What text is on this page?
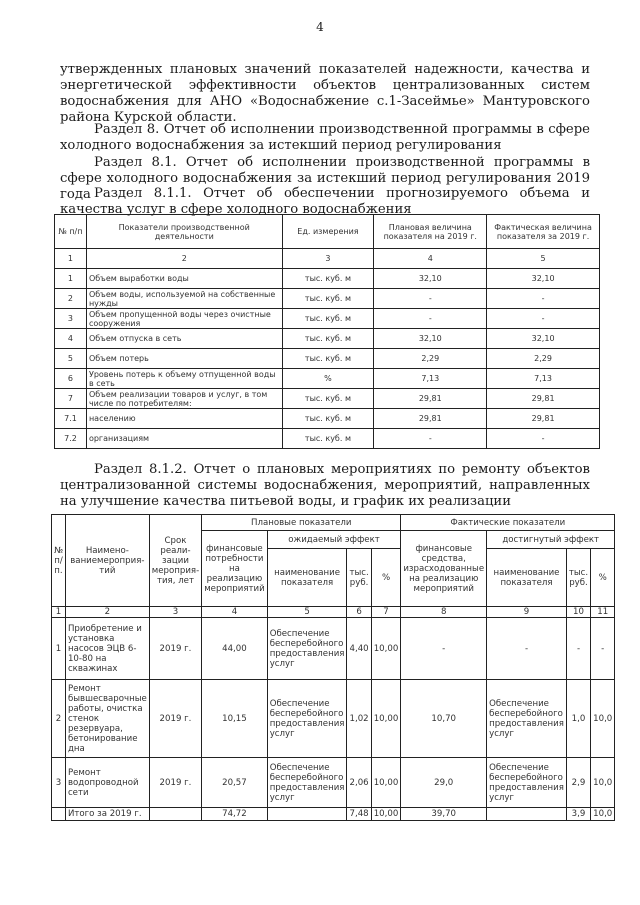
4
утвержденных плановых значений показателей надежности, качества и энергетической эффективности объектов централизованных систем водоснабжения для АНО «Водоснабжение с.1-Засеймье» Мантуровского района Курской области.
Раздел 8. Отчет об исполнении производственной программы в сфере холодного водоснабжения за истекший период регулирования
Раздел 8.1. Отчет об исполнении производственной программы в сфере холодного водоснабжения за истекший период регулирования 2019 года Раздел 8.1.1. Отчет об обеспечении прогнозируемого объема и качества услуг в сфере холодного водоснабжения
№ п/п	Показатели производственной деятельности	Ед. измерения	Плановая величина показателя на 2019 г.	Фактическая величина показателя за 2019 г.
1	2	3	4	5
1	Объем выработки воды	тыс. куб. м	32,10	32,10
2	Объем воды, используемой на собственные нужды	тыс. куб. м	-	-
3	Объем пропущенной воды через очистные сооружения	тыс. куб. м	-	-
4	Объем отпуска в сеть	тыс. куб. м	32,10	32,10
5	Объем потерь	тыс. куб. м	2,29	2,29
6	Уровень потерь к объему отпущенной воды в сеть	%	7,13	7,13
7	Объем реализации товаров и услуг, в том числе по потребителям:	тыс. куб. м	29,81	29,81
7.1	населению	тыс. куб. м	29,81	29,81
7.2	организациям	тыс. куб. м	-	-
Раздел 8.1.2. Отчет о плановых мероприятиях по ремонту объектов централизованной системы водоснабжения, мероприятий, направленных на улучшение качества питьевой воды, и график их реализации
№ п/п.	Наимено-ваниемероприя-тий	Срок реали-зации мероприя-тия, лет	Плановые показатели				Фактические показатели			
			финансовые потребности на реализацию мероприятий	ожидаемый эффект			финансовые средства, израсходованные на реализацию мероприятий	достигнутый эффект		
				наименование показателя	тыс. руб.	%		наименование показателя	тыс. руб.	%
1	2	3	4	5	6	7	8	9	10	11
1	Приобретение и установка насосов ЭЦВ 6-10-80 на скважинах	2019 г.	44,00	Обеспечение бесперебойного предоставления услуг	4,40	10,00	-	-	-	-
2	Ремонт бывшесварочные работы, очистка стенок резервуара, бетонирование дна	2019 г.	10,15	Обеспечение бесперебойного предоставления услуг	1,02	10,00	10,70	Обеспечение бесперебойного предоставления услуг	1,0	10,0
3	Ремонт водопроводной сети	2019 г.	20,57	Обеспечение бесперебойного предоставления услуг	2,06	10,00	29,0	Обеспечение бесперебойного предоставления услуг	2,9	10,0
	Итого за 2019 г.		74,72		7,48	10,00	39,70		3,9	10,0
